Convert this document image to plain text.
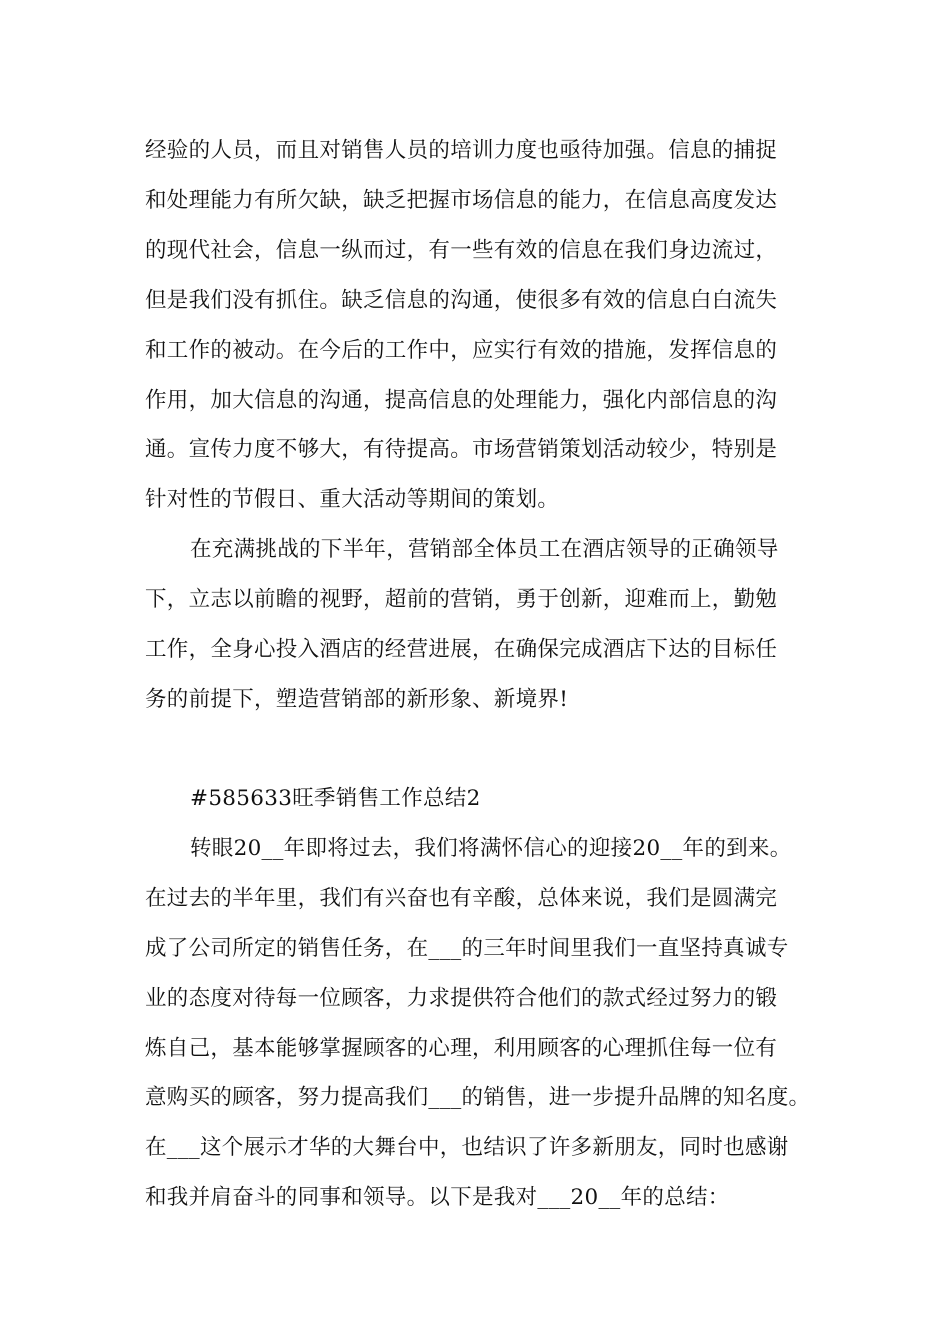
经验的人员，而且对销售人员的培训力度也亟待加强。信息的捕捉
和处理能力有所欠缺，缺乏把握市场信息的能力，在信息高度发达
的现代社会，信息一纵而过，有一些有效的信息在我们身边流过，
但是我们没有抓住。缺乏信息的沟通，使很多有效的信息白白流失
和工作的被动。在今后的工作中，应实行有效的措施，发挥信息的
作用，加大信息的沟通，提高信息的处理能力，强化内部信息的沟
通。宣传力度不够大，有待提高。市场营销策划活动较少，特别是
针对性的节假日、重大活动等期间的策划。
在充满挑战的下半年，营销部全体员工在酒店领导的正确领导
下，立志以前瞻的视野，超前的营销，勇于创新，迎难而上，勤勉
工作，全身心投入酒店的经营进展，在确保完成酒店下达的目标任
务的前提下，塑造营销部的新形象、新境界!
#585633旺季销售工作总结2
转眼20__年即将过去，我们将满怀信心的迎接20__年的到来。
在过去的半年里，我们有兴奋也有辛酸，总体来说，我们是圆满完
成了公司所定的销售任务，在___的三年时间里我们一直坚持真诚专
业的态度对待每一位顾客，力求提供符合他们的款式经过努力的锻
炼自己，基本能够掌握顾客的心理，利用顾客的心理抓住每一位有
意购买的顾客，努力提高我们___的销售，进一步提升品牌的知名度。
在___这个展示才华的大舞台中，也结识了许多新朋友，同时也感谢
和我并肩奋斗的同事和领导。以下是我对___20__年的总结：
